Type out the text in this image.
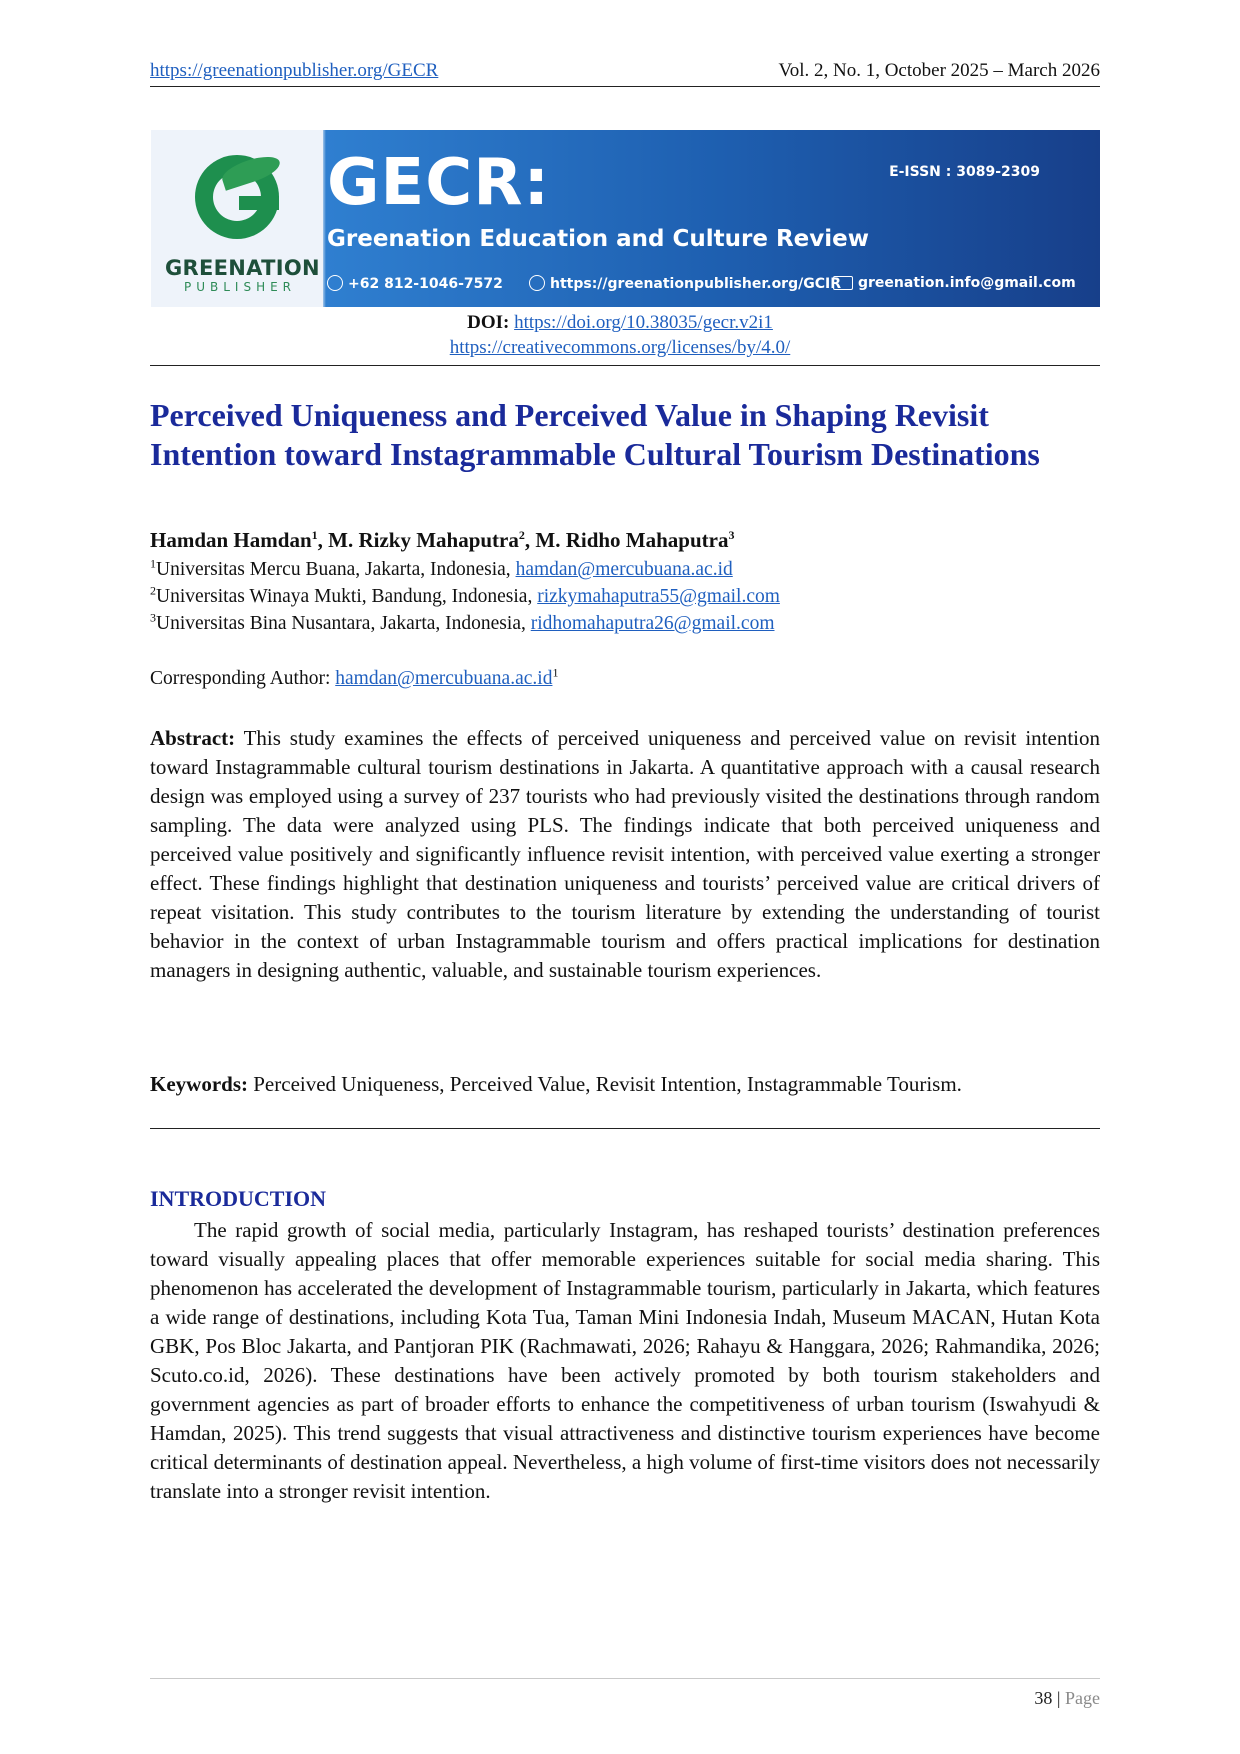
https://greenationpublisher.org/GECR	Vol. 2, No. 1, October 2025 – March 2026
GREENATION
PUBLISHER
GECR:	E-ISSN : 3089-2309
Greenation Education and Culture Review
+62 812-1046-7572	https://greenationpublisher.org/GCIR	greenation.info@gmail.com
DOI: https://doi.org/10.38035/gecr.v2i1
https://creativecommons.org/licenses/by/4.0/
Perceived Uniqueness and Perceived Value in Shaping Revisit Intention toward Instagrammable Cultural Tourism Destinations
Hamdan Hamdan$^1$, M. Rizky Mahaputra$^2$, M. Ridho Mahaputra$^3$
$^1$Universitas Mercu Buana, Jakarta, Indonesia, hamdan@mercubuana.ac.id
$^2$Universitas Winaya Mukti, Bandung, Indonesia, rizkymahaputra55@gmail.com
$^3$Universitas Bina Nusantara, Jakarta, Indonesia, ridhomahaputra26@gmail.com
Corresponding Author: $hamdan@mercubuana.ac.id^1$

Abstract: This study examines the effects of perceived uniqueness and perceived value on revisit intention toward Instagrammable cultural tourism destinations in Jakarta. A quantitative approach with a causal research design was employed using a survey of 237 tourists who had previously visited the destinations through random sampling. The data were analyzed using PLS. The findings indicate that both perceived uniqueness and perceived value positively and significantly influence revisit intention, with perceived value exerting a stronger effect. These findings highlight that destination uniqueness and tourists’ perceived value are critical drivers of repeat visitation. This study contributes to the tourism literature by extending the understanding of tourist behavior in the context of urban Instagrammable tourism and offers practical implications for destination managers in designing authentic, valuable, and sustainable tourism experiences.

Keywords: Perceived Uniqueness, Perceived Value, Revisit Intention, Instagrammable Tourism.

INTRODUCTION

The rapid growth of social media, particularly Instagram, has reshaped tourists’ destination preferences toward visually appealing places that offer memorable experiences suitable for social media sharing. This phenomenon has accelerated the development of Instagrammable tourism, particularly in Jakarta, which features a wide range of destinations, including Kota Tua, Taman Mini Indonesia Indah, Museum MACAN, Hutan Kota GBK, Pos Bloc Jakarta, and Pantjoran PIK (Rachmawati, 2026; Rahayu & Hanggara, 2026; Rahmandika, 2026; Scuto.co.id, 2026). These destinations have been actively promoted by both tourism stakeholders and government agencies as part of broader efforts to enhance the competitiveness of urban tourism (Iswahyudi & Hamdan, 2025). This trend suggests that visual attractiveness and distinctive tourism experiences have become critical determinants of destination appeal. Nevertheless, a high volume of first-time visitors does not necessarily translate into a stronger revisit intention.

38 | Page
